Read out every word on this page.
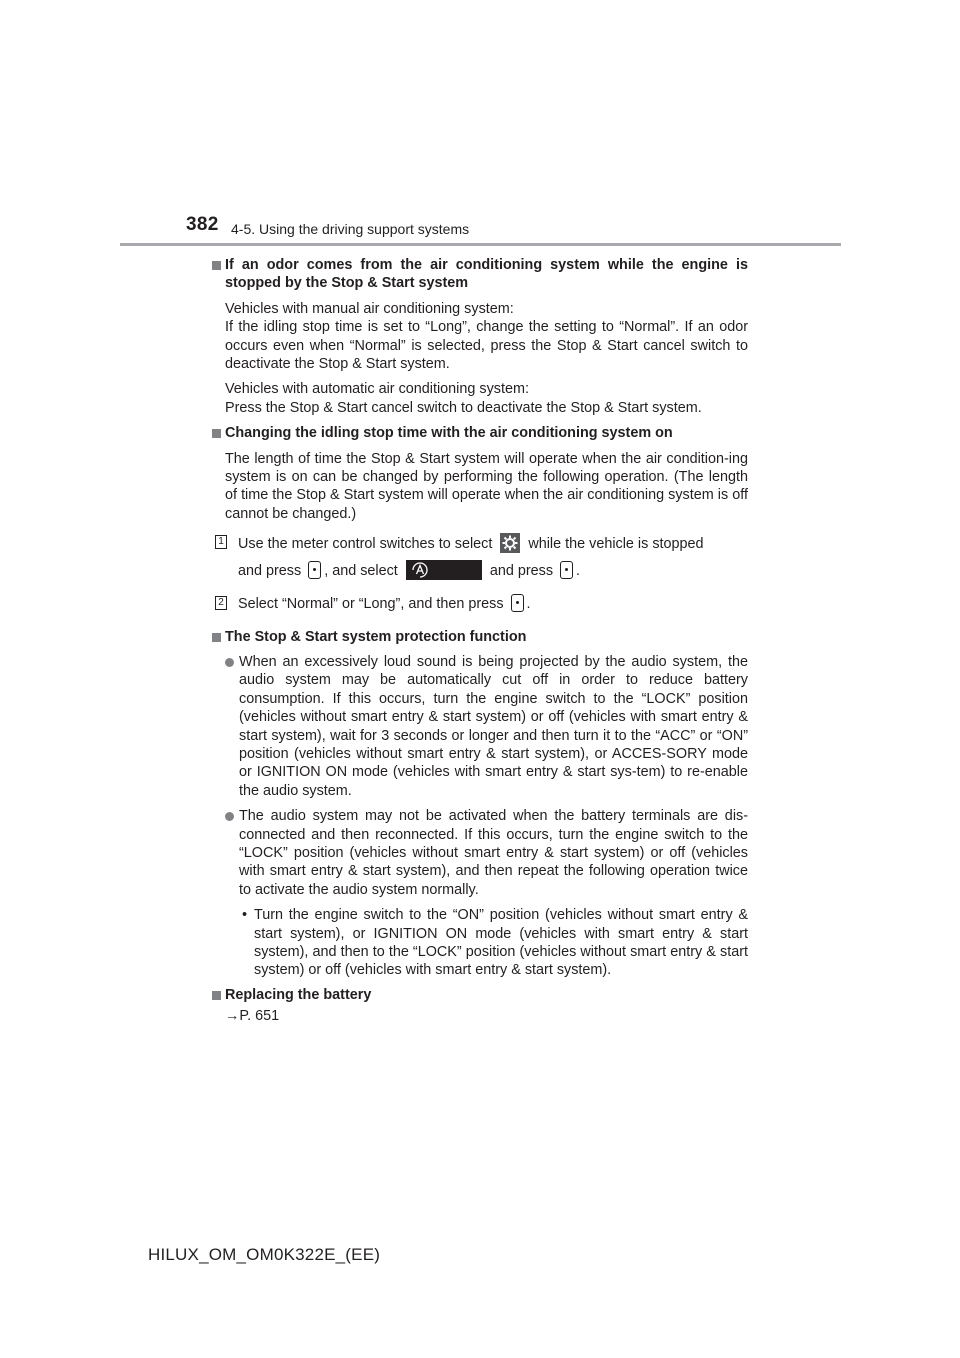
382 4-5. Using the driving support systems
If an odor comes from the air conditioning system while the engine is stopped by the Stop & Start system
Vehicles with manual air conditioning system:
If the idling stop time is set to “Long”, change the setting to “Normal”. If an odor occurs even when “Normal” is selected, press the Stop & Start cancel switch to deactivate the Stop & Start system.
Vehicles with automatic air conditioning system:
Press the Stop & Start cancel switch to deactivate the Stop & Start system.
Changing the idling stop time with the air conditioning system on
The length of time the Stop & Start system will operate when the air condition-ing system is on can be changed by performing the following operation. (The length of time the Stop & Start system will operate when the air conditioning system is off cannot be changed.)
1 Use the meter control switches to select	while the vehicle is stopped
and press , and select	and press .
2 Select “Normal” or “Long”, and then press .
The Stop & Start system protection function
When an excessively loud sound is being projected by the audio system, the audio system may be automatically cut off in order to reduce battery consumption. If this occurs, turn the engine switch to the “LOCK” position (vehicles without smart entry & start system) or off (vehicles with smart entry & start system), wait for 3 seconds or longer and then turn it to the “ACC” or “ON” position (vehicles without smart entry & start system), or ACCES-SORY mode or IGNITION ON mode (vehicles with smart entry & start sys-tem) to re-enable the audio system.
The audio system may not be activated when the battery terminals are dis-connected and then reconnected. If this occurs, turn the engine switch to the “LOCK” position (vehicles without smart entry & start system) or off (vehicles with smart entry & start system), and then repeat the following operation twice to activate the audio system normally.
• Turn the engine switch to the “ON” position (vehicles without smart entry & start system), or IGNITION ON mode (vehicles with smart entry & start system), and then to the “LOCK” position (vehicles without smart entry & start system) or off (vehicles with smart entry & start system).
Replacing the battery
→P. 651
HILUX_OM_OM0K322E_(EE)
